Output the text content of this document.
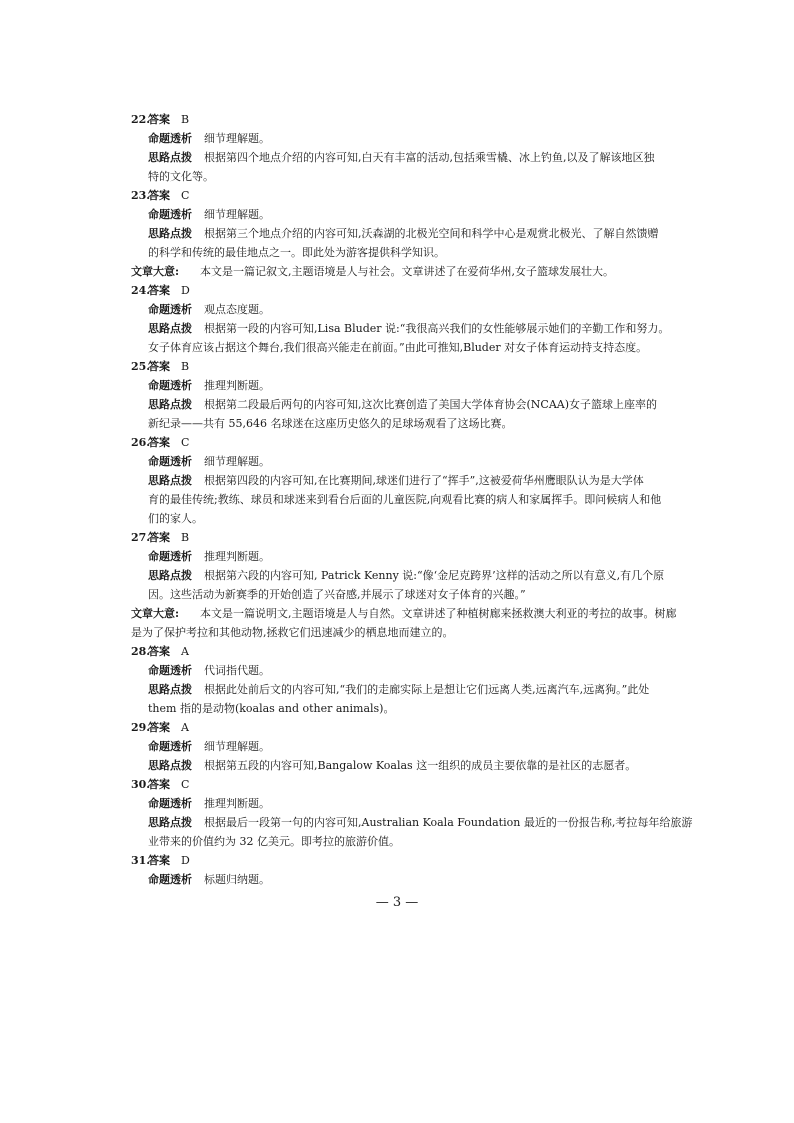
22.
答案 B
命题透析 细节理解题。
思路点拨 根据第四个地点介绍的内容可知,白天有丰富的活动,包括乘雪橇、冰上钓鱼,以及了解该地区独
特的文化等。
23.
答案 C
命题透析 细节理解题。
思路点拨 根据第三个地点介绍的内容可知,沃森湖的北极光空间和科学中心是观赏北极光、了解自然馈赠
的科学和传统的最佳地点之一。即此处为游客提供科学知识。
文章大意: 本文是一篇记叙文,主题语境是人与社会。文章讲述了在爱荷华州,女子篮球发展壮大。
24.
答案 D
命题透析 观点态度题。
思路点拨 根据第一段的内容可知,Lisa Bluder 说:“我很高兴我们的女性能够展示她们的辛勤工作和努力。
女子体育应该占据这个舞台,我们很高兴能走在前面。”由此可推知,Bluder 对女子体育运动持支持态度。
25.
答案 B
命题透析 推理判断题。
思路点拨 根据第二段最后两句的内容可知,这次比赛创造了美国大学体育协会(NCAA)女子篮球上座率的
新纪录——共有 55,646 名球迷在这座历史悠久的足球场观看了这场比赛。
26.
答案 C
命题透析 细节理解题。
思路点拨 根据第四段的内容可知,在比赛期间,球迷们进行了“挥手”,这被爱荷华州鹰眼队认为是大学体
育的最佳传统;教练、球员和球迷来到看台后面的儿童医院,向观看比赛的病人和家属挥手。即问候病人和他
们的家人。
27.
答案 B
命题透析 推理判断题。
思路点拨 根据第六段的内容可知, Patrick Kenny 说:“像‘金尼克跨界’这样的活动之所以有意义,有几个原
因。这些活动为新赛季的开始创造了兴奋感,并展示了球迷对女子体育的兴趣。”
文章大意: 本文是一篇说明文,主题语境是人与自然。文章讲述了种植树廊来拯救澳大利亚的考拉的故事。树廊
是为了保护考拉和其他动物,拯救它们迅速减少的栖息地而建立的。
28.
答案 A
命题透析 代词指代题。
思路点拨 根据此处前后文的内容可知,“我们的走廊实际上是想让它们远离人类,远离汽车,远离狗。”此处
them 指的是动物(koalas and other animals)。
29.
答案 A
命题透析 细节理解题。
思路点拨 根据第五段的内容可知,Bangalow Koalas 这一组织的成员主要依靠的是社区的志愿者。
30.
答案 C
命题透析 推理判断题。
思路点拨 根据最后一段第一句的内容可知,Australian Koala Foundation 最近的一份报告称,考拉每年给旅游
业带来的价值约为 32 亿美元。即考拉的旅游价值。
31.
答案 D
命题透析 标题归纳题。
— 3 —
